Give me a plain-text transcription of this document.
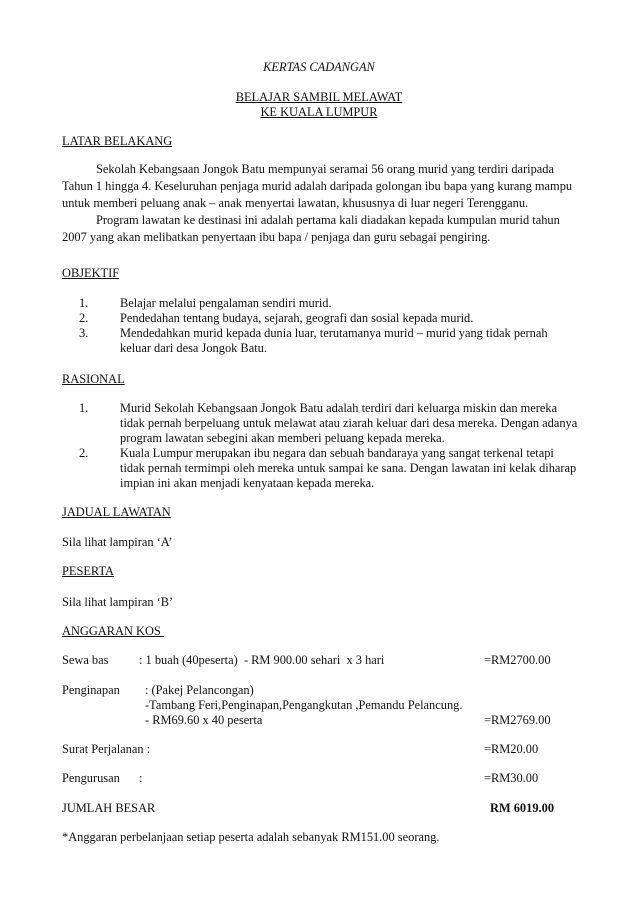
KERTAS CADANGAN
BELAJAR SAMBIL MELAWAT
KE KUALA LUMPUR
LATAR BELAKANG

Sekolah Kebangsaan Jongok Batu mempunyai seramai 56 orang murid yang terdiri daripada Tahun 1 hingga 4. Keseluruhan penjaga murid adalah daripada golongan ibu bapa yang kurang mampu untuk memberi peluang anak – anak menyertai lawatan, khususnya di luar negeri Terengganu.

Program lawatan ke destinasi ini adalah pertama kali diadakan kepada kumpulan murid tahun 2007 yang akan melibatkan penyertaan ibu bapa / penjaga dan guru sebagai pengiring.

OBJEKTIF
1.	Belajar melalui pengalaman sendiri murid.
2.	Pendedahan tentang budaya, sejarah, geografi dan sosial kepada murid.
3.	Mendedahkan murid kepada dunia luar, terutamanya murid – murid yang tidak pernah keluar dari desa Jongok Batu.
RASIONAL
1.	Murid Sekolah Kebangsaan Jongok Batu adalah terdiri dari keluarga miskin dan mereka tidak pernah berpeluang untuk melawat atau ziarah keluar dari desa mereka. Dengan adanya program lawatan sebegini akan memberi peluang kepada mereka.
2.	Kuala Lumpur merupakan ibu negara dan sebuah bandaraya yang sangat terkenal tetapi tidak pernah termimpi oleh mereka untuk sampai ke sana. Dengan lawatan ini kelak diharap impian ini akan menjadi kenyataan kepada mereka.
JADUAL LAWATAN
Sila lihat lampiran ‘A’
PESERTA
Sila lihat lampiran ‘B’
ANGGARAN KOS
Sewa bas : 1 buah (40peserta)  - RM 900.00 sehari  x 3 hari	=RM2700.00
Penginapan : (Pakej Pelancongan)
-Tambang Feri,Penginapan,Pengangkutan ,Pemandu Pelancung.
- RM69.60 x 40 peserta	=RM2769.00
Surat Perjalanan :	=RM20.00
Pengurusan :	=RM30.00
JUMLAH BESAR	RM 6019.00
*Anggaran perbelanjaan setiap peserta adalah sebanyak RM151.00 seorang.
